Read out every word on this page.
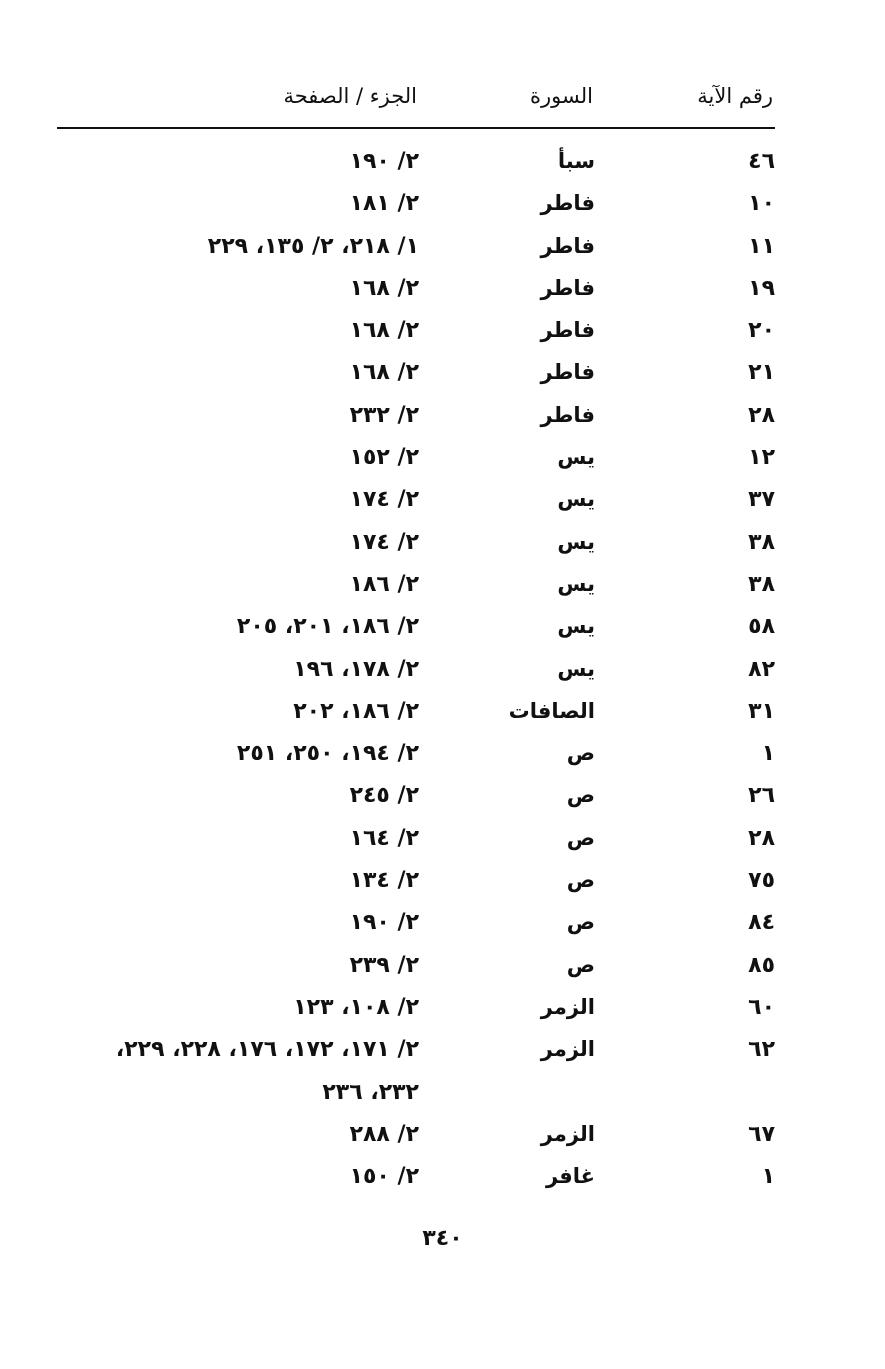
رقم الآية
السورة
الجزء / الصفحة
٤٦
سبأ
٢/ ١٩٠
١٠
فاطر
٢/ ١٨١
١١
فاطر
١/ ٢١٨، ٢/ ١٣٥، ٢٢٩
١٩
فاطر
٢/ ١٦٨
٢٠
فاطر
٢/ ١٦٨
٢١
فاطر
٢/ ١٦٨
٢٨
فاطر
٢/ ٢٣٢
١٢
يس
٢/ ١٥٢
٣٧
يس
٢/ ١٧٤
٣٨
يس
٢/ ١٧٤
٣٨
يس
٢/ ١٨٦
٥٨
يس
٢/ ١٨٦، ٢٠١، ٢٠٥
٨٢
يس
٢/ ١٧٨، ١٩٦
٣١
الصافات
٢/ ١٨٦، ٢٠٢
١
ص
٢/ ١٩٤، ٢٥٠، ٢٥١
٢٦
ص
٢/ ٢٤٥
٢٨
ص
٢/ ١٦٤
٧٥
ص
٢/ ١٣٤
٨٤
ص
٢/ ١٩٠
٨٥
ص
٢/ ٢٣٩
٦٠
الزمر
٢/ ١٠٨، ١٢٣
٦٢
الزمر
٢/ ١٧١، ١٧٢، ١٧٦، ٢٢٨، ٢٢٩،
٢٣٢، ٢٣٦
٦٧
الزمر
٢/ ٢٨٨
١
غافر
٢/ ١٥٠
٣٤٠
